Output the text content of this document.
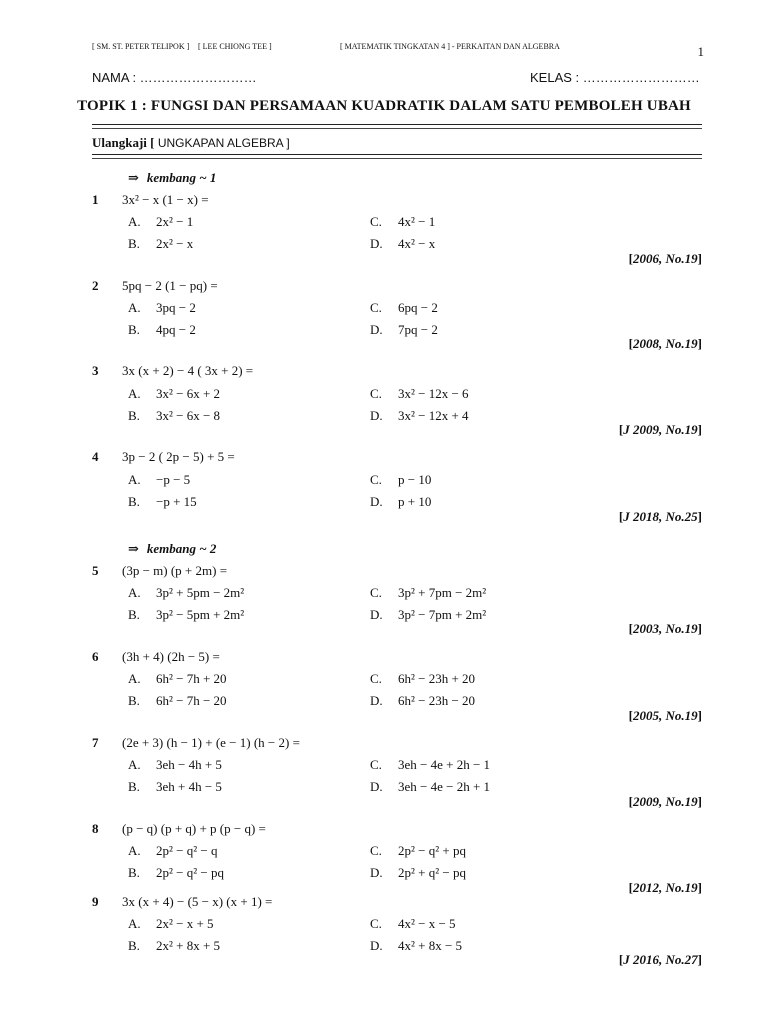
[ SM. ST. PETER TELIPOK ] [ LEE CHIONG TEE ]	[ MATEMATIK TINGKATAN 4 ] - PERKAITAN DAN ALGEBRA	1
NAMA : ………………………	KELAS : ………………………
TOPIK 1 : FUNGSI DAN PERSAMAAN KUADRATIK DALAM SATU PEMBOLEH UBAH
Ulangkaji [ UNGKAPAN ALGEBRA ]
⇒ kembang ~ 1
1 3x² − x (1 − x) =
A. 2x² − 1	C. 4x² − 1
B. 2x² − x	D. 4x² − x
[2006, No.19]
2 5pq − 2 (1 − pq) =
A. 3pq − 2	C. 6pq − 2
B. 4pq − 2	D. 7pq − 2
[2008, No.19]
3 3x (x + 2) − 4 ( 3x + 2) =
A. 3x² − 6x + 2	C. 3x² − 12x − 6
B. 3x² − 6x − 8	D. 3x² − 12x + 4
[J 2009, No.19]
4 3p − 2 ( 2p − 5) + 5 =
A. −p − 5	C. p − 10
B. −p + 15	D. p + 10
[J 2018, No.25]
⇒ kembang ~ 2
5 (3p − m) (p + 2m) =
A. 3p² + 5pm − 2m²	C. 3p² + 7pm − 2m²
B. 3p² − 5pm + 2m²	D. 3p² − 7pm + 2m²
[2003, No.19]
6 (3h + 4) (2h − 5) =
A. 6h² − 7h + 20	C. 6h² − 23h + 20
B. 6h² − 7h − 20	D. 6h² − 23h − 20
[2005, No.19]
7 (2e + 3) (h − 1) + (e − 1) (h − 2) =
A. 3eh − 4h + 5	C. 3eh − 4e + 2h − 1
B. 3eh + 4h − 5	D. 3eh − 4e − 2h + 1
[2009, No.19]
8 (p − q) (p + q) + p (p − q) =
A. 2p² − q² − q	C. 2p² − q² + pq
B. 2p² − q² − pq	D. 2p² + q² − pq
[2012, No.19]
9 3x (x + 4) − (5 − x) (x + 1) =
A. 2x² − x + 5	C. 4x² − x − 5
B. 2x² + 8x + 5	D. 4x² + 8x − 5
[J 2016, No.27]
